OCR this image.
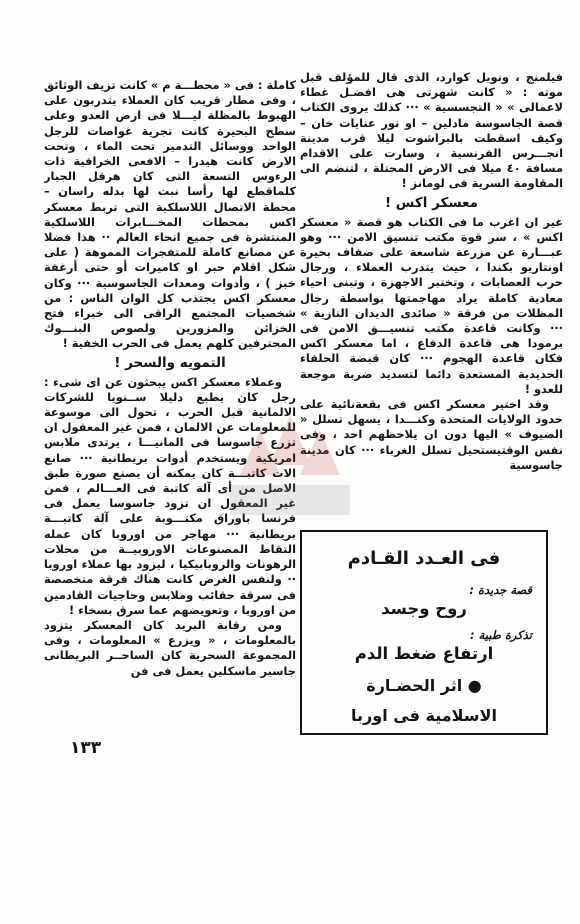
فيلمنج ، ونويل كوارد، الذى قال للمؤلف قبل موته : « كانت شهرتى هى افضـل غطاء لاعمالى » « التجسسية » ··· كذلك يروى الكتاب قصة الجاسوسة مادلين – او نور عنايات خان – وكيف اسقطت بالبراشوت ليلا قرب مدينة انجـــرس الفرنسية ، وسارت على الاقدام مسافة ٤٠ ميلا فى الارض المحتلة ، لتنضم الى المقاومة السرية فى لومانز !

معسكر اكس !

غير ان اغرب ما فى الكتاب هو قصة « معسكر اكس » ، سر قوة مكتب تنسيق الامن ··· وهو عبـــارة عن مزرعة شاسعة على ضفاف بحيرة اونتاريو بكندا ، حيث يتدرب العملاء ، ورجال حرب العصابات ، وتختبر الاجهزة ، وتبنى احياء معادية كاملة يراد مهاجمتها بواسطة رجال المظلات من فرقة « صائدى الديدان النازية » ··· وكانت قاعدة مكتب تنسيـــق الامن فى برمودا هى قاعدة الدفاع ، اما معسكر اكس فكان قاعدة الهجوم ··· كان قبضة الحلفاء الحديدية المستعدة دائما لتسديد ضربة موجعة للعدو !

وقد اختير معسكر اكس فى بقعةنائية على حدود الولايات المتحدة وكنـــدا ، يسهل تسلل « الضيوف » اليها دون ان يلاحظهم احد ، وفى نفس الوقتيستحيل تسلل الغرباء ··· كان مدينة جاسوسية

كاملة : فى « محطـــة م » كانت تزيف الوثائق ، وفى مطار قريب كان العملاء يتدربون على الهبوط بالمظلة ليـــلا فى ارض العدو وعلى سطح البحيرة كانت تجرية غواصات للرجل الواحد ووسائل التدمير تحت الماء ، وتحت الارض كانت هيدرا – الافعى الخرافية ذات الرءوس التسعة التى كان هرقل الجبار كلماقطع لها رأسا نبت لها بدله راسان – محطة الاتصال اللاسلكية التى تربط معسكر اكس بمحطات المخـــابرات اللاسلكية المنتشرة فى جميع انحاء العالم ·· هذا فضلا عن مصانع كاملة للمتفجرات المموهة ( على شكل اقلام حبر او كاميرات أو حتى أرغفة خبز ) ، وأدوات ومعدات الجاسوسية ··· وكان معسكر اكس يجتذب كل الوان الناس : من شخصيات المجتمع الراقى الى خبراء فتح الخزائن والمزورين ولصوص البنـــوك المحترفين كلهم يعمل فى الحرب الخفية !

التمويه والسحر !

وعملاء معسكر اكس يبحثون عن اى شىء : رجل كان يطبع دليلا ســنويا للشركات الالمانية قبل الحرب ، تحول الى موسوعة للمعلومات عن الالمان ، فمن غير المعقول ان تزرع جاسوسا فى المانيـــا ، يرتدى ملابس امريكية ويستخدم أدوات بريطانية ··· صانع الات كاتبـــة كان يمكنه أن يصنع صورة طبق الاصل من أى آلة كاتبة فى العـــالم ، فمن غير المعقول ان تزود جاسوسا يعمل فى فرنسا باوراق مكتـــوبة على آلة كاتبـــة بريطانية ··· مهاجر من اوروبا كان عمله التقاط المصنوعات الاوروبيــة من محلات الرهونات والروبابيكيا ، ليزود بها عملاء اوروبا ·· ولنفس الغرض كانت هناك فرقة متخصصة فى سرقة حقائب وملابس وحاجيات القادمين من اوروبا ، وتعويضهم عما سرق بسخاء !

ومن رقابة البريد كان المعسكر يتزود بالمعلومات ، « ويزرع » المعلومات ، وفى المجموعة السحرية كان الساحــر البريطانى جاسبر ماسكلين يعمل فى فن

فى العـدد القـادم
قصة جديدة :
روح وجسد
تذكرة طبية :
ارتفاع ضغط الدم
● اثر الحضـارة
الاسلامية فى اوربا
١٣٣
